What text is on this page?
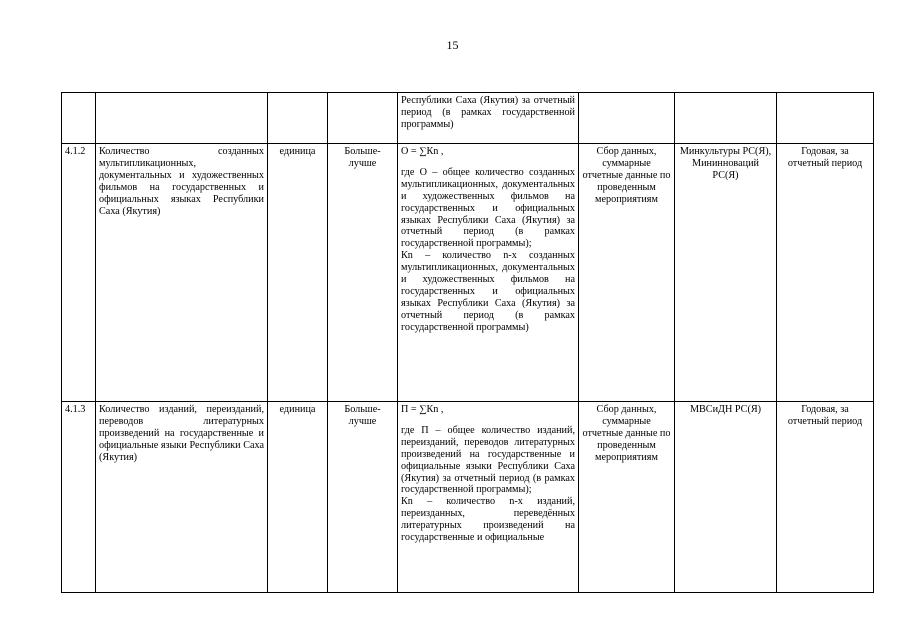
15
				Республики Саха (Якутия) за отчетный период (в рамках государственной программы)			
4.1.2	Количество созданных мультипликационных, документальных и художественных фильмов на государственных и официальных языках Республики Саха (Якутия)	единица	Больше-лучше	О = ∑Кn ,
где О – общее количество созданных мультипликационных, документальных и художественных фильмов на государственных и официальных языках Республики Саха (Якутия) за отчетный период (в рамках государственной программы);
Кn – количество n-х созданных мультипликационных, документальных и художественных фильмов на государственных и официальных языках Республики Саха (Якутия) за отчетный период (в рамках государственной программы)	Сбор данных, суммарные отчетные данные по проведенным мероприятиям	Минкультуры РС(Я), Мининноваций РС(Я)	Годовая, за отчетный период
4.1.3	Количество изданий, переизданий, переводов литературных произведений на государственные и официальные языки Республики Саха (Якутия)	единица	Больше-лучше	П = ∑Кn ,
где П – общее количество изданий, переизданий, переводов литературных произведений на государственные и официальные языки Республики Саха (Якутия) за отчетный период (в рамках государственной программы);
Кn – количество n-х изданий, переизданных, переведённых литературных произведений на государственные и официальные	Сбор данных, суммарные отчетные данные по проведенным мероприятиям	МВСиДН РС(Я)	Годовая, за отчетный период
